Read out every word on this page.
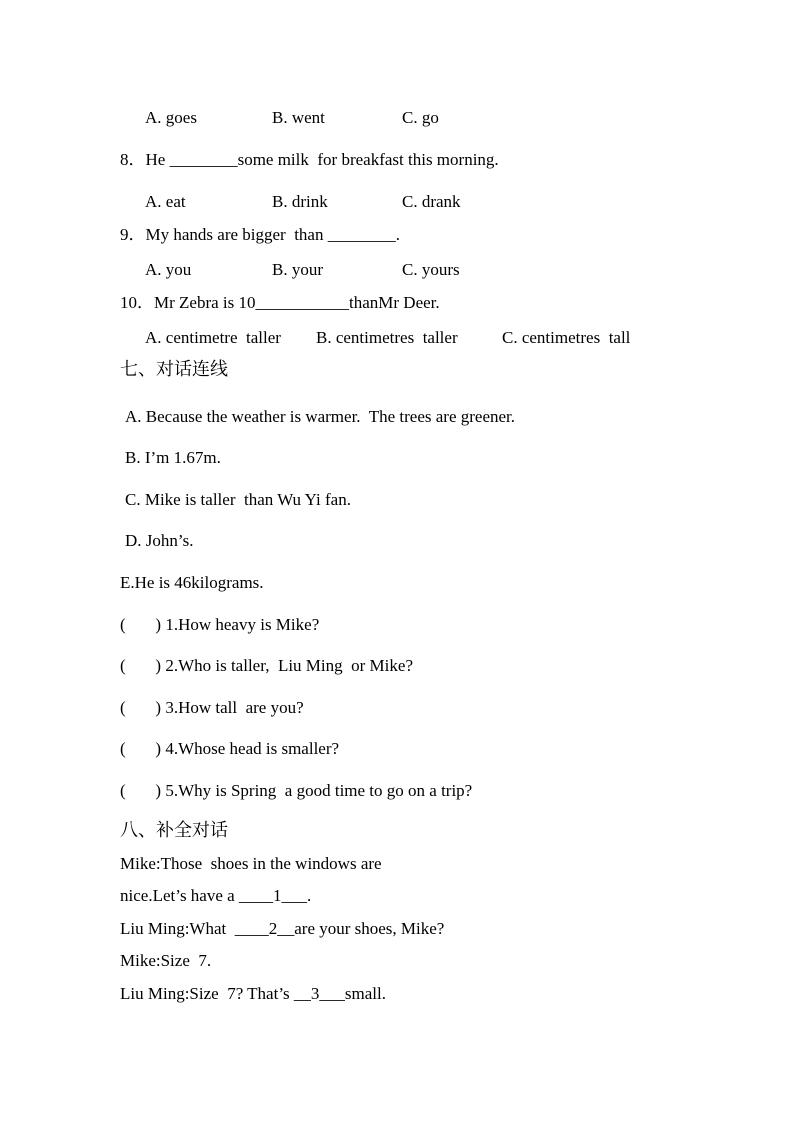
A. goes	B. went	C. go
8．He ________some milk  for breakfast this morning.
A. eat	B. drink	C. drank
9．My hands are bigger  than ________.
A. you	B. your	C. yours
10．Mr Zebra is 10___________thanMr Deer.
A. centimetre  taller B. centimetres  taller	C. centimetres  tall
七、对话连线
A. Because the weather is warmer.  The trees are greener.
B. I’m 1.67m.
C. Mike is taller  than Wu Yi fan.
D. John’s.
E.He is 46kilograms.
(       ) 1.How heavy is Mike?
(       ) 2.Who is taller,  Liu Ming  or Mike?
(       ) 3.How tall  are you?
(       ) 4.Whose head is smaller?
(       ) 5.Why is Spring  a good time to go on a trip?
八、补全对话
Mike:Those  shoes in the windows are
nice.Let’s have a ____1___.
Liu Ming:What  ____2__are your shoes, Mike?
Mike:Size  7.
Liu Ming:Size  7? That’s __3___small.
